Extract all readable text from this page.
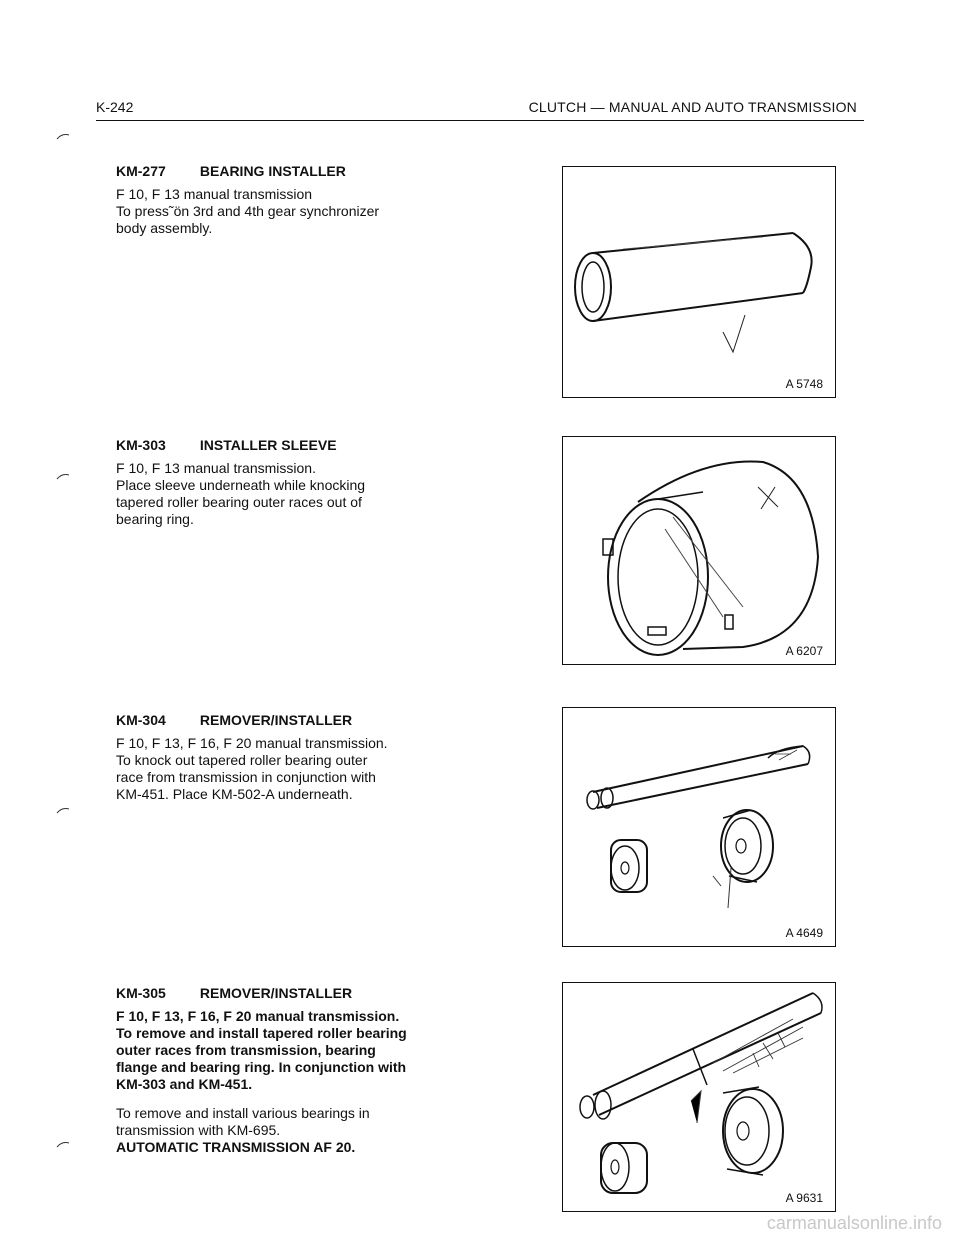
K-242	CLUTCH — MANUAL AND AUTO TRANSMISSION
KM-277 BEARING INSTALLER

F 10, F 13 manual transmission

To press˜ön 3rd and 4th gear synchronizer

body assembly.

A 5748
KM-303 INSTALLER SLEEVE

F 10, F 13 manual transmission.

Place sleeve underneath while knocking

tapered roller bearing outer races out of

bearing ring.

A 6207
KM-304 REMOVER/INSTALLER

F 10, F 13, F 16, F 20 manual transmission.

To knock out tapered roller bearing outer

race from transmission in conjunction with

KM-451. Place KM-502-A underneath.

A 4649
KM-305 REMOVER/INSTALLER

F 10, F 13, F 16, F 20 manual transmission.

To remove and install tapered roller bearing

outer races from transmission, bearing

flange and bearing ring. In conjunction with

KM-303 and KM-451.

To remove and install various bearings in

transmission with KM-695.

AUTOMATIC TRANSMISSION AF 20.

A 9631
carmanualsonline.info
